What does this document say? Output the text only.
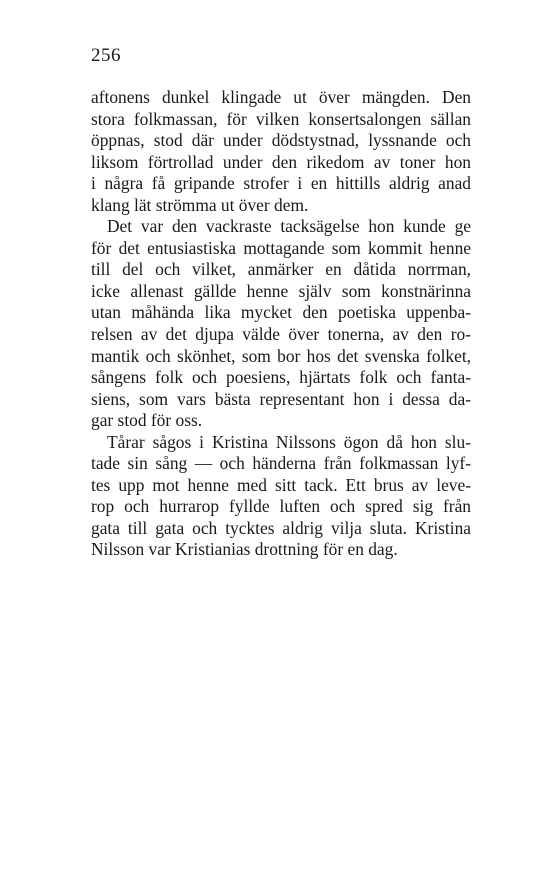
256
aftonens dunkel klingade ut över mängden. Den
stora folkmassan, för vilken konsertsalongen sällan
öppnas, stod där under dödstystnad, lyssnande och
liksom förtrollad under den rikedom av toner hon
i några få gripande strofer i en hittills aldrig anad
klang lät strömma ut över dem.
Det var den vackraste tacksägelse hon kunde ge
för det entusiastiska mottagande som kommit henne
till del och vilket, anmärker en dåtida norrman,
icke allenast gällde henne själv som konstnärinna
utan måhända lika mycket den poetiska uppenba-
relsen av det djupa välde över tonerna, av den ro-
mantik och skönhet, som bor hos det svenska folket,
sångens folk och poesiens, hjärtats folk och fanta-
siens, som vars bästa representant hon i dessa da-
gar stod för oss.
Tårar sågos i Kristina Nilssons ögon då hon slu-
tade sin sång — och händerna från folkmassan lyf-
tes upp mot henne med sitt tack. Ett brus av leve-
rop och hurrarop fyllde luften och spred sig från
gata till gata och tycktes aldrig vilja sluta. Kristina
Nilsson var Kristianias drottning för en dag.
